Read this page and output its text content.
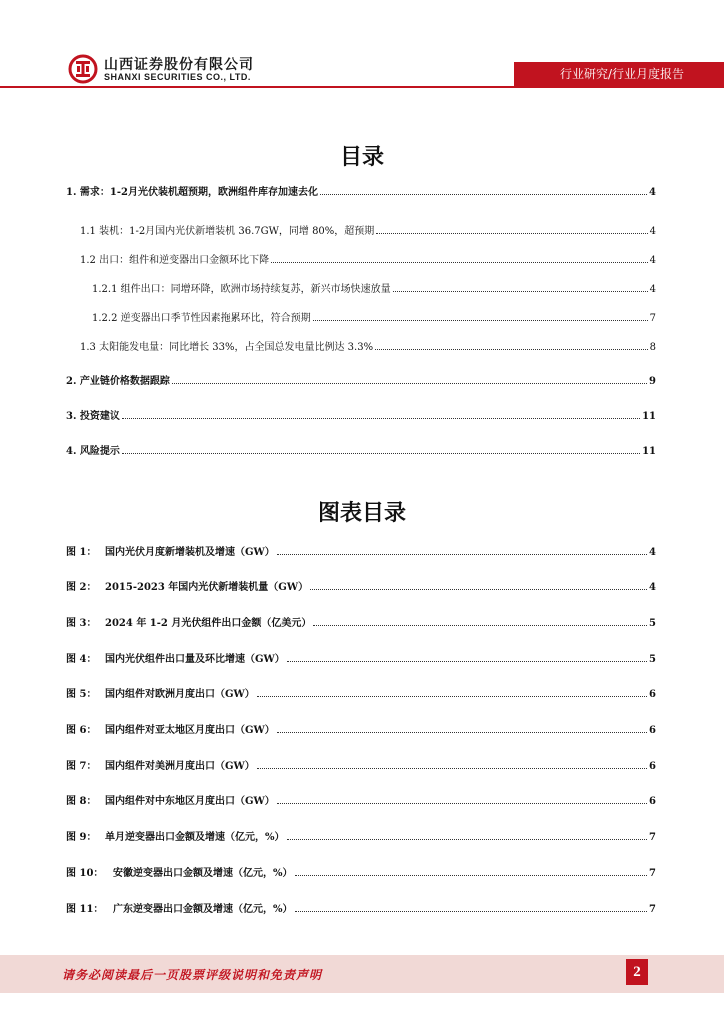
山西证券股份有限公司
SHANXI SECURITIES CO., LTD.	行业研究/行业月度报告
目录
1. 需求：1-2月光伏装机超预期，欧洲组件库存加速去化	4
1.1 装机：1-2月国内光伏新增装机 36.7GW，同增 80%，超预期	4
1.2 出口：组件和逆变器出口金额环比下降	4
1.2.1 组件出口：同增环降，欧洲市场持续复苏，新兴市场快速放量	4
1.2.2 逆变器出口季节性因素拖累环比，符合预期	7
1.3 太阳能发电量：同比增长 33%，占全国总发电量比例达 3.3%	8
2. 产业链价格数据跟踪	9
3. 投资建议	11
4. 风险提示	11
图表目录
图 1： 国内光伏月度新增装机及增速（GW）	4
图 2： 2015-2023 年国内光伏新增装机量（GW）	4
图 3： 2024 年 1-2 月光伏组件出口金额（亿美元）	5
图 4： 国内光伏组件出口量及环比增速（GW）	5
图 5： 国内组件对欧洲月度出口（GW）	6
图 6： 国内组件对亚太地区月度出口（GW）	6
图 7： 国内组件对美洲月度出口（GW）	6
图 8： 国内组件对中东地区月度出口（GW）	6
图 9： 单月逆变器出口金额及增速（亿元，%）	7
图 10： 安徽逆变器出口金额及增速（亿元，%）	7
图 11： 广东逆变器出口金额及增速（亿元，%）	7
请务必阅读最后一页股票评级说明和免责声明	2
